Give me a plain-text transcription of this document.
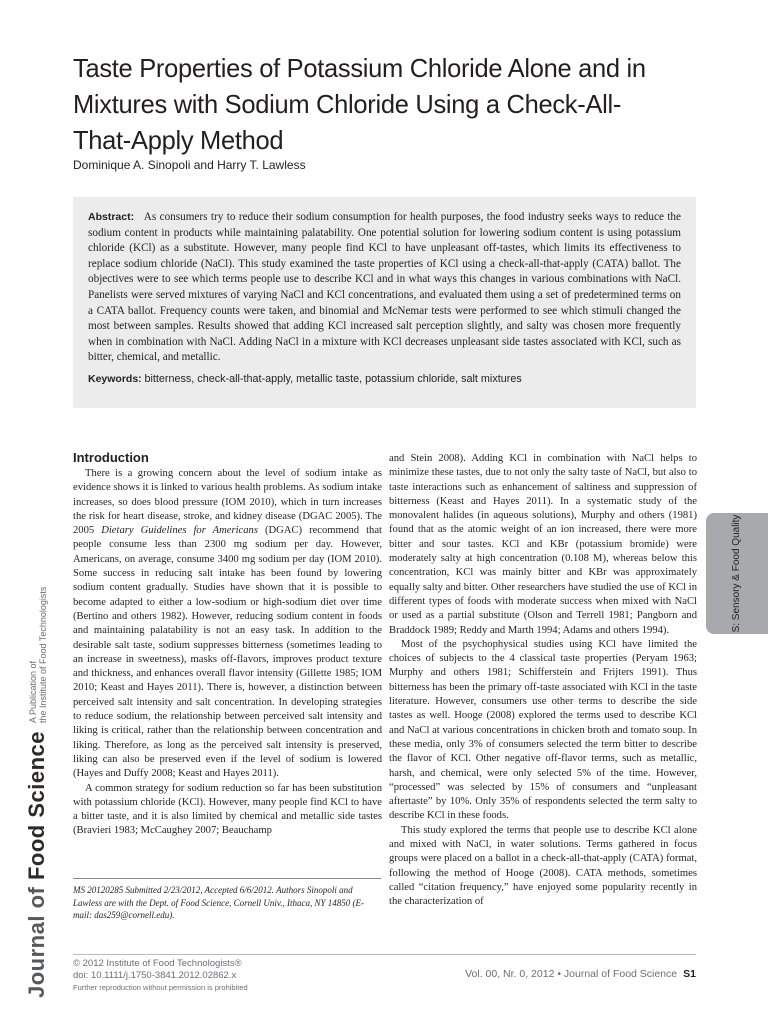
Taste Properties of Potassium Chloride Alone and in Mixtures with Sodium Chloride Using a Check-All-That-Apply Method
Dominique A. Sinopoli and Harry T. Lawless

Abstract: As consumers try to reduce their sodium consumption for health purposes, the food industry seeks ways to reduce the sodium content in products while maintaining palatability. One potential solution for lowering sodium content is using potassium chloride (KCl) as a substitute. However, many people find KCl to have unpleasant off-tastes, which limits its effectiveness to replace sodium chloride (NaCl). This study examined the taste properties of KCl using a check-all-that-apply (CATA) ballot. The objectives were to see which terms people use to describe KCl and in what ways this changes in various combinations with NaCl. Panelists were served mixtures of varying NaCl and KCl concentrations, and evaluated them using a set of predetermined terms on a CATA ballot. Frequency counts were taken, and binomial and McNemar tests were performed to see which stimuli changed the most between samples. Results showed that adding KCl increased salt perception slightly, and salty was chosen more frequently when in combination with NaCl. Adding NaCl in a mixture with KCl decreases unpleasant side tastes associated with KCl, such as bitter, chemical, and metallic.

Keywords: bitterness, check-all-that-apply, metallic taste, potassium chloride, salt mixtures

Introduction

There is a growing concern about the level of sodium intake as evidence shows it is linked to various health problems. As sodium intake increases, so does blood pressure (IOM 2010), which in turn increases the risk for heart disease, stroke, and kidney disease (DGAC 2005). The 2005 Dietary Guidelines for Americans (DGAC) recommend that people consume less than 2300 mg sodium per day. However, Americans, on average, consume 3400 mg sodium per day (IOM 2010). Some success in reducing salt intake has been found by lowering sodium content gradually. Studies have shown that it is possible to become adapted to either a low-sodium or high-sodium diet over time (Bertino and others 1982). However, reducing sodium content in foods and maintaining palatability is not an easy task. In addition to the desirable salt taste, sodium suppresses bitterness (sometimes leading to an increase in sweetness), masks off-flavors, improves product texture and thickness, and enhances overall flavor intensity (Gillette 1985; IOM 2010; Keast and Hayes 2011). There is, however, a distinction between perceived salt intensity and salt concentration. In developing strategies to reduce sodium, the relationship between perceived salt intensity and liking is critical, rather than the relationship between concentration and liking. Therefore, as long as the perceived salt intensity is preserved, liking can also be preserved even if the level of sodium is lowered (Hayes and Duffy 2008; Keast and Hayes 2011).

A common strategy for sodium reduction so far has been substitution with potassium chloride (KCl). However, many people find KCl to have a bitter taste, and it is also limited by chemical and metallic side tastes (Bravieri 1983; McCaughey 2007; Beauchamp

and Stein 2008). Adding KCl in combination with NaCl helps to minimize these tastes, due to not only the salty taste of NaCl, but also to taste interactions such as enhancement of saltiness and suppression of bitterness (Keast and Hayes 2011). In a systematic study of the monovalent halides (in aqueous solutions), Murphy and others (1981) found that as the atomic weight of an ion increased, there were more bitter and sour tastes. KCl and KBr (potassium bromide) were moderately salty at high concentration (0.108 M), whereas below this concentration, KCl was mainly bitter and KBr was approximately equally salty and bitter. Other researchers have studied the use of KCl in different types of foods with moderate success when mixed with NaCl or used as a partial substitute (Olson and Terrell 1981; Pangborn and Braddock 1989; Reddy and Marth 1994; Adams and others 1994).

Most of the psychophysical studies using KCl have limited the choices of subjects to the 4 classical taste properties (Peryam 1963; Murphy and others 1981; Schifferstein and Frijters 1991). Thus bitterness has been the primary off-taste associated with KCl in the taste literature. However, consumers use other terms to describe the side tastes as well. Hooge (2008) explored the terms used to describe KCl and NaCl at various concentrations in chicken broth and tomato soup. In these media, only 3% of consumers selected the term bitter to describe the flavor of KCl. Other negative off-flavor terms, such as metallic, harsh, and chemical, were only selected 5% of the time. However, “processed” was selected by 15% of consumers and “unpleasant aftertaste” by 10%. Only 35% of respondents selected the term salty to describe KCl in these foods.

This study explored the terms that people use to describe KCl alone and mixed with NaCl, in water solutions. Terms gathered in focus groups were placed on a ballot in a check-all-that-apply (CATA) format, following the method of Hooge (2008). CATA methods, sometimes called “citation frequency,” have enjoyed some popularity recently in the characterization of

MS 20120285 Submitted 2/23/2012, Accepted 6/6/2012. Authors Sinopoli and Lawless are with the Dept. of Food Science, Cornell Univ., Ithaca, NY 14850 (E-mail: das259@cornell.edu).
© 2012 Institute of Food Technologists®
doi: 10.1111/j.1750-3841.2012.02862.x
Further reproduction without permission is prohibited
Vol. 00, Nr. 0, 2012 • Journal of Food Science S1
S: Sensory & Food Quality
Journal of Food Science
A Publication of the Institute of Food Technologists
